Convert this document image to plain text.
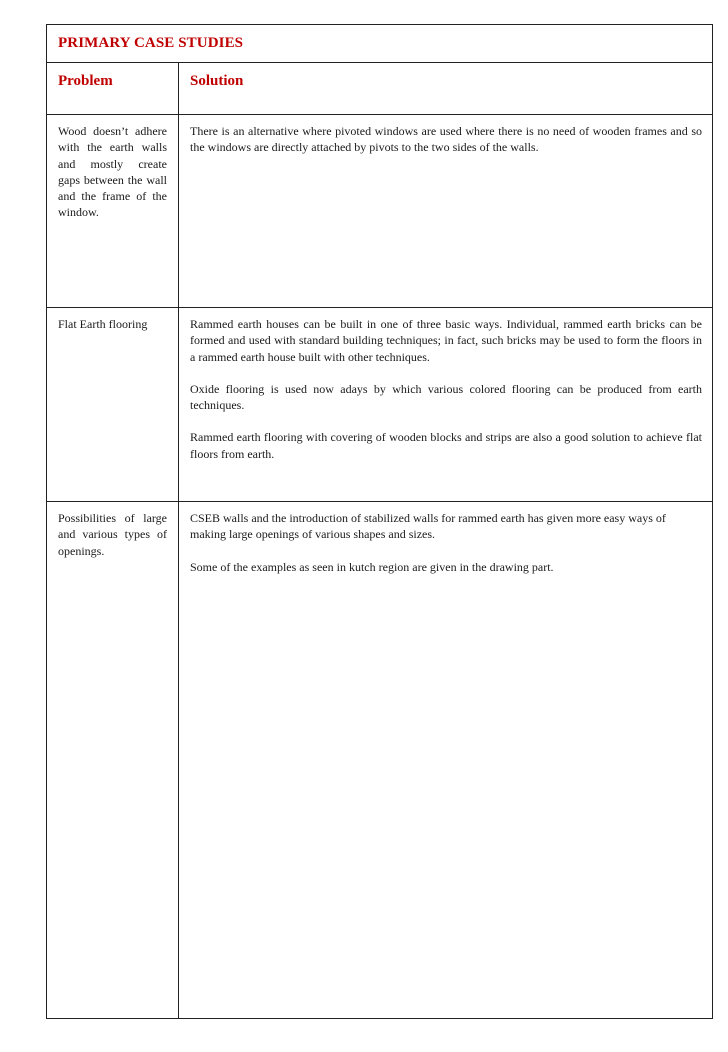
PRIMARY CASE STUDIES
Problem	Solution
Wood doesn’t adhere with the earth walls and mostly create gaps between the wall and the frame of the window.

There is an alternative where pivoted windows are used where there is no need of wooden frames and so the windows are directly attached by pivots to the two sides of the walls.

Flat Earth flooring	Rammed earth houses can be built in one of three basic ways. Individual, rammed earth bricks can be formed and used with standard building techniques; in fact, such bricks may be used to form the floors in a rammed earth house built with other techniques.

Oxide flooring is used now adays by which various colored flooring can be produced from earth techniques.

Rammed earth flooring with covering of wooden blocks and strips are also a good solution to achieve flat floors from earth.

Possibilities of large and various types of openings.

CSEB walls and the introduction of stabilized walls for rammed earth has given more easy ways of making large openings of various shapes and sizes.

Some of the examples as seen in kutch region are given in the drawing part.
